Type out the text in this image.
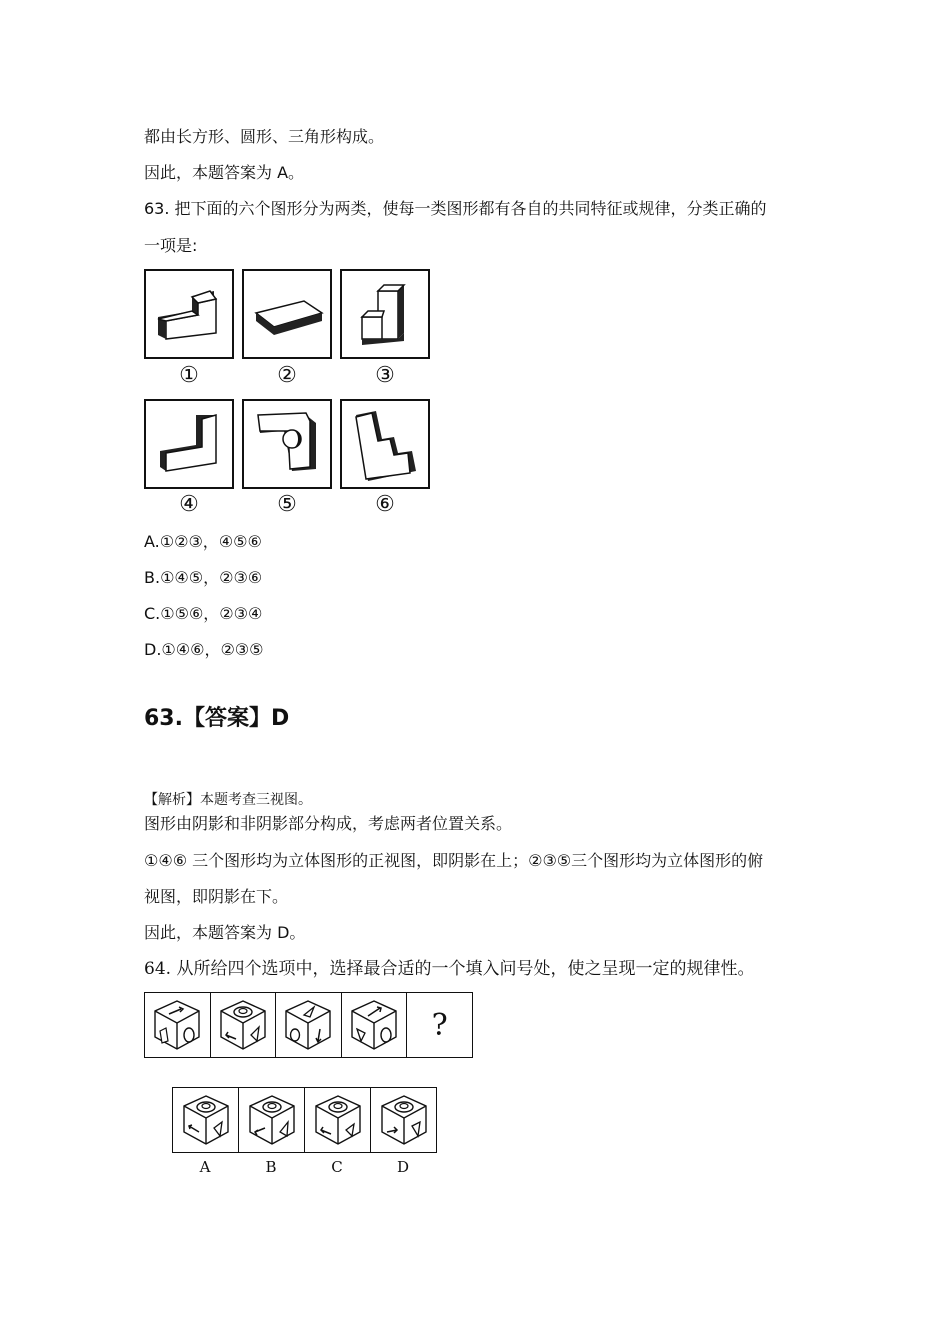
都由长方形、圆形、三角形构成。
因此，本题答案为 A。
63. 把下面的六个图形分为两类，使每一类图形都有各自的共同特征或规律，分类正确的
一项是:
①	②	③
④	⑤	⑥
A.①②③，④⑤⑥
B.①④⑤，②③⑥
C.①⑤⑥，②③④
D.①④⑥，②③⑤
63.【答案】D
【解析】本题考查三视图。
图形由阴影和非阴影部分构成，考虑两者位置关系。
①④⑥ 三个图形均为立体图形的正视图，即阴影在上；②③⑤三个图形均为立体图形的俯
视图，即阴影在下。
因此，本题答案为 D。
64. 从所给四个选项中，选择最合适的一个填入问号处，使之呈现一定的规律性。
?
A	B	C	D
